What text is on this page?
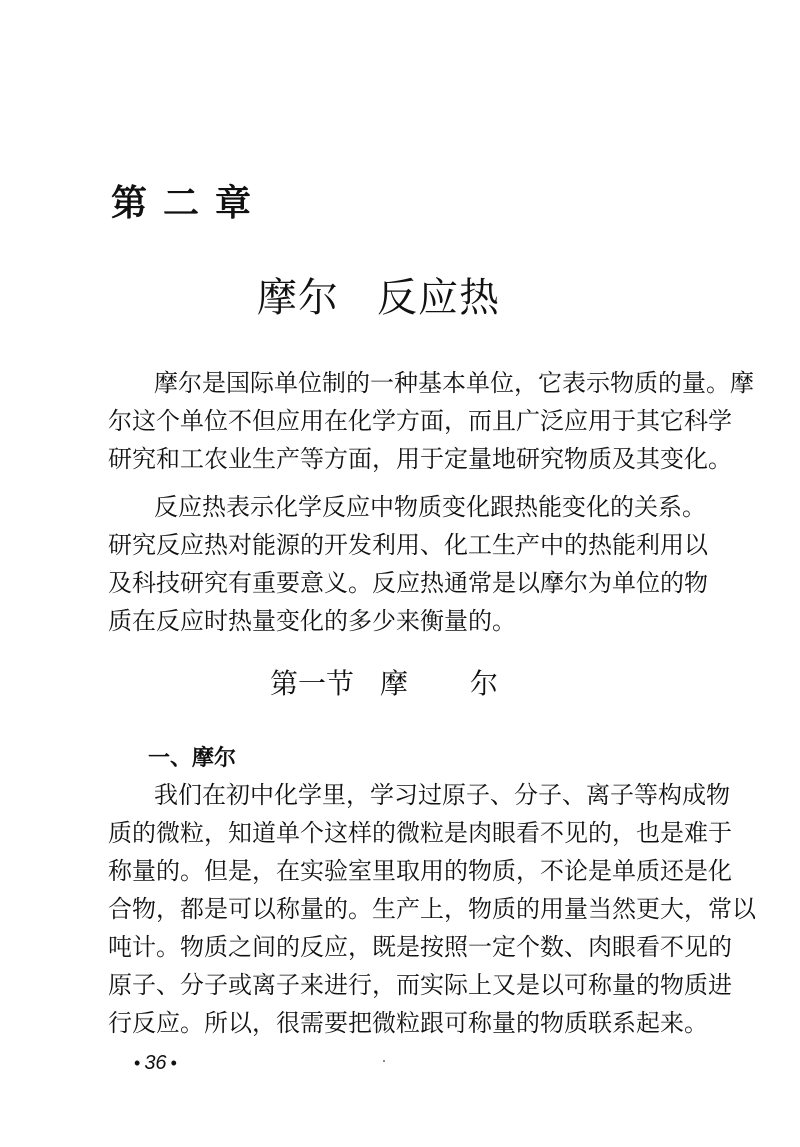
第二章
摩尔 反应热
摩尔是国际单位制的一种基本单位，它表示物质的量。摩
尔这个单位不但应用在化学方面，而且广泛应用于其它科学
研究和工农业生产等方面，用于定量地研究物质及其变化。
反应热表示化学反应中物质变化跟热能变化的关系。
研究反应热对能源的开发利用、化工生产中的热能利用以
及科技研究有重要意义。反应热通常是以摩尔为单位的物
质在反应时热量变化的多少来衡量的。
第一节 摩 尔
一、摩尔
我们在初中化学里，学习过原子、分子、离子等构成物
质的微粒，知道单个这样的微粒是肉眼看不见的，也是难于
称量的。但是，在实验室里取用的物质，不论是单质还是化
合物，都是可以称量的。生产上，物质的用量当然更大，常以
吨计。物质之间的反应，既是按照一定个数、肉眼看不见的
原子、分子或离子来进行，而实际上又是以可称量的物质进
行反应。所以，很需要把微粒跟可称量的物质联系起来。
• 36 •
